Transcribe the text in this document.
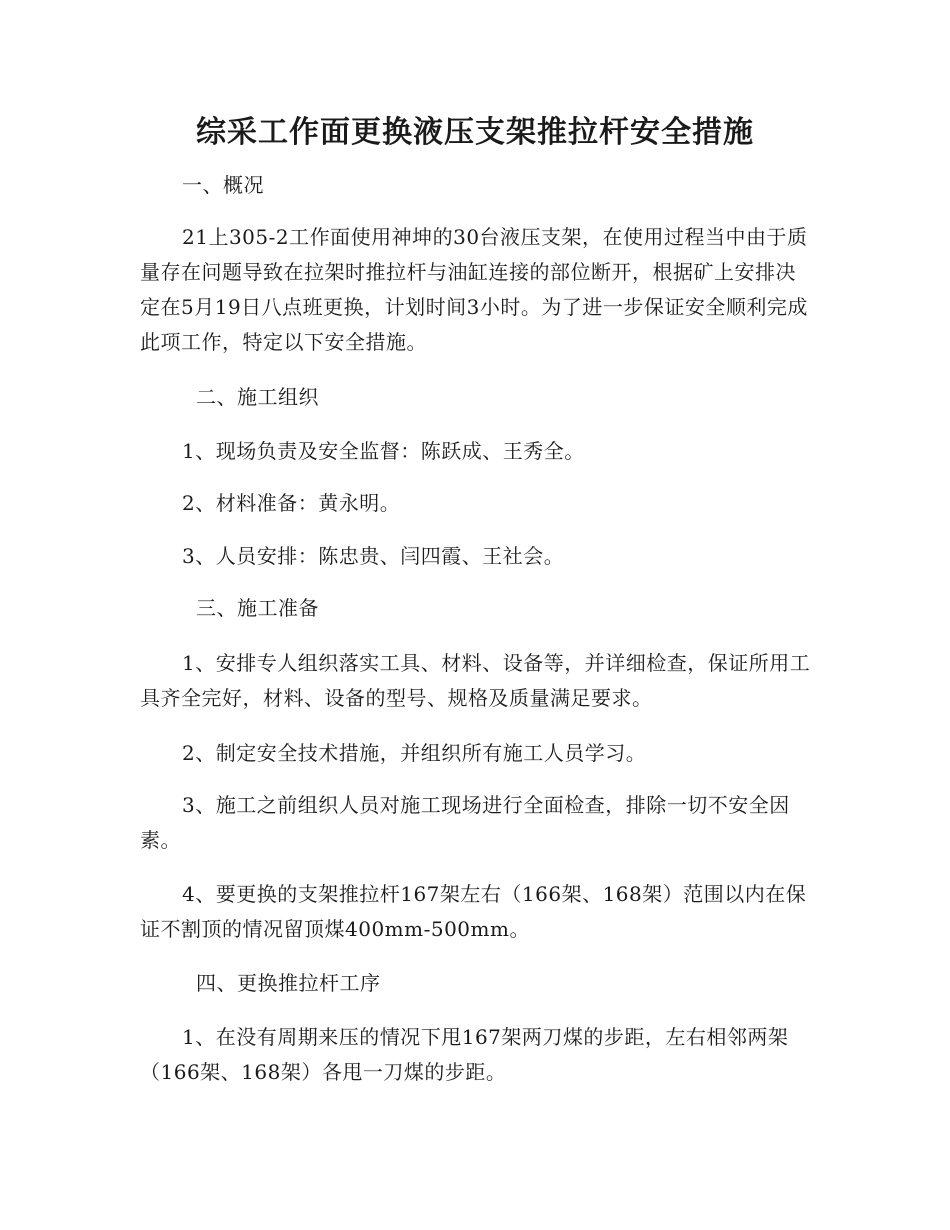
综采工作面更换液压支架推拉杆安全措施

一、概况

21上305-2工作面使用神坤的30台液压支架，在使用过程当中由于质量存在问题导致在拉架时推拉杆与油缸连接的部位断开，根据矿上安排决定在5月19日八点班更换，计划时间3小时。为了进一步保证安全顺利完成此项工作，特定以下安全措施。

二、施工组织

1、现场负责及安全监督：陈跃成、王秀全。

2、材料准备：黄永明。

3、人员安排：陈忠贵、闫四霞、王社会。

三、施工准备

1、安排专人组织落实工具、材料、设备等，并详细检查，保证所用工具齐全完好，材料、设备的型号、规格及质量满足要求。

2、制定安全技术措施，并组织所有施工人员学习。

3、施工之前组织人员对施工现场进行全面检查，排除一切不安全因素。

4、要更换的支架推拉杆167架左右（166架、168架）范围以内在保证不割顶的情况留顶煤400mm-500mm。

四、更换推拉杆工序

1、在没有周期来压的情况下甩167架两刀煤的步距，左右相邻两架（166架、168架）各甩一刀煤的步距。
